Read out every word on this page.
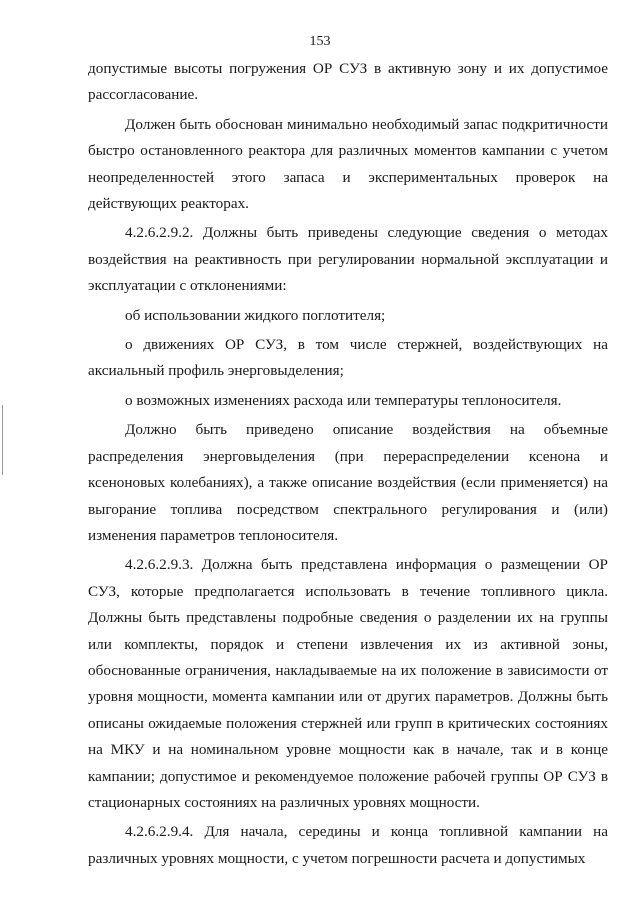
153

допустимые высоты погружения ОР СУЗ в активную зону и их допустимое рассогласование.

Должен быть обоснован минимально необходимый запас подкритичности быстро остановленного реактора для различных моментов кампании с учетом неопределенностей этого запаса и экспериментальных проверок на действующих реакторах.

4.2.6.2.9.2. Должны быть приведены следующие сведения о методах воздействия на реактивность при регулировании нормальной эксплуатации и эксплуатации с отклонениями:

об использовании жидкого поглотителя;

о движениях ОР СУЗ, в том числе стержней, воздействующих на аксиальный профиль энерговыделения;

о возможных изменениях расхода или температуры теплоносителя.

Должно быть приведено описание воздействия на объемные распределения энерговыделения (при перераспределении ксенона и ксеноновых колебаниях), а также описание воздействия (если применяется) на выгорание топлива посредством спектрального регулирования и (или) изменения параметров теплоносителя.

4.2.6.2.9.3. Должна быть представлена информация о размещении ОР СУЗ, которые предполагается использовать в течение топливного цикла. Должны быть представлены подробные сведения о разделении их на группы или комплекты, порядок и степени извлечения их из активной зоны, обоснованные ограничения, накладываемые на их положение в зависимости от уровня мощности, момента кампании или от других параметров. Должны быть описаны ожидаемые положения стержней или групп в критических состояниях на МКУ и на номинальном уровне мощности как в начале, так и в конце кампании; допустимое и рекомендуемое положение рабочей группы ОР СУЗ в стационарных состояниях на различных уровнях мощности.

4.2.6.2.9.4. Для начала, середины и конца топливной кампании на различных уровнях мощности, с учетом погрешности расчета и допустимых
